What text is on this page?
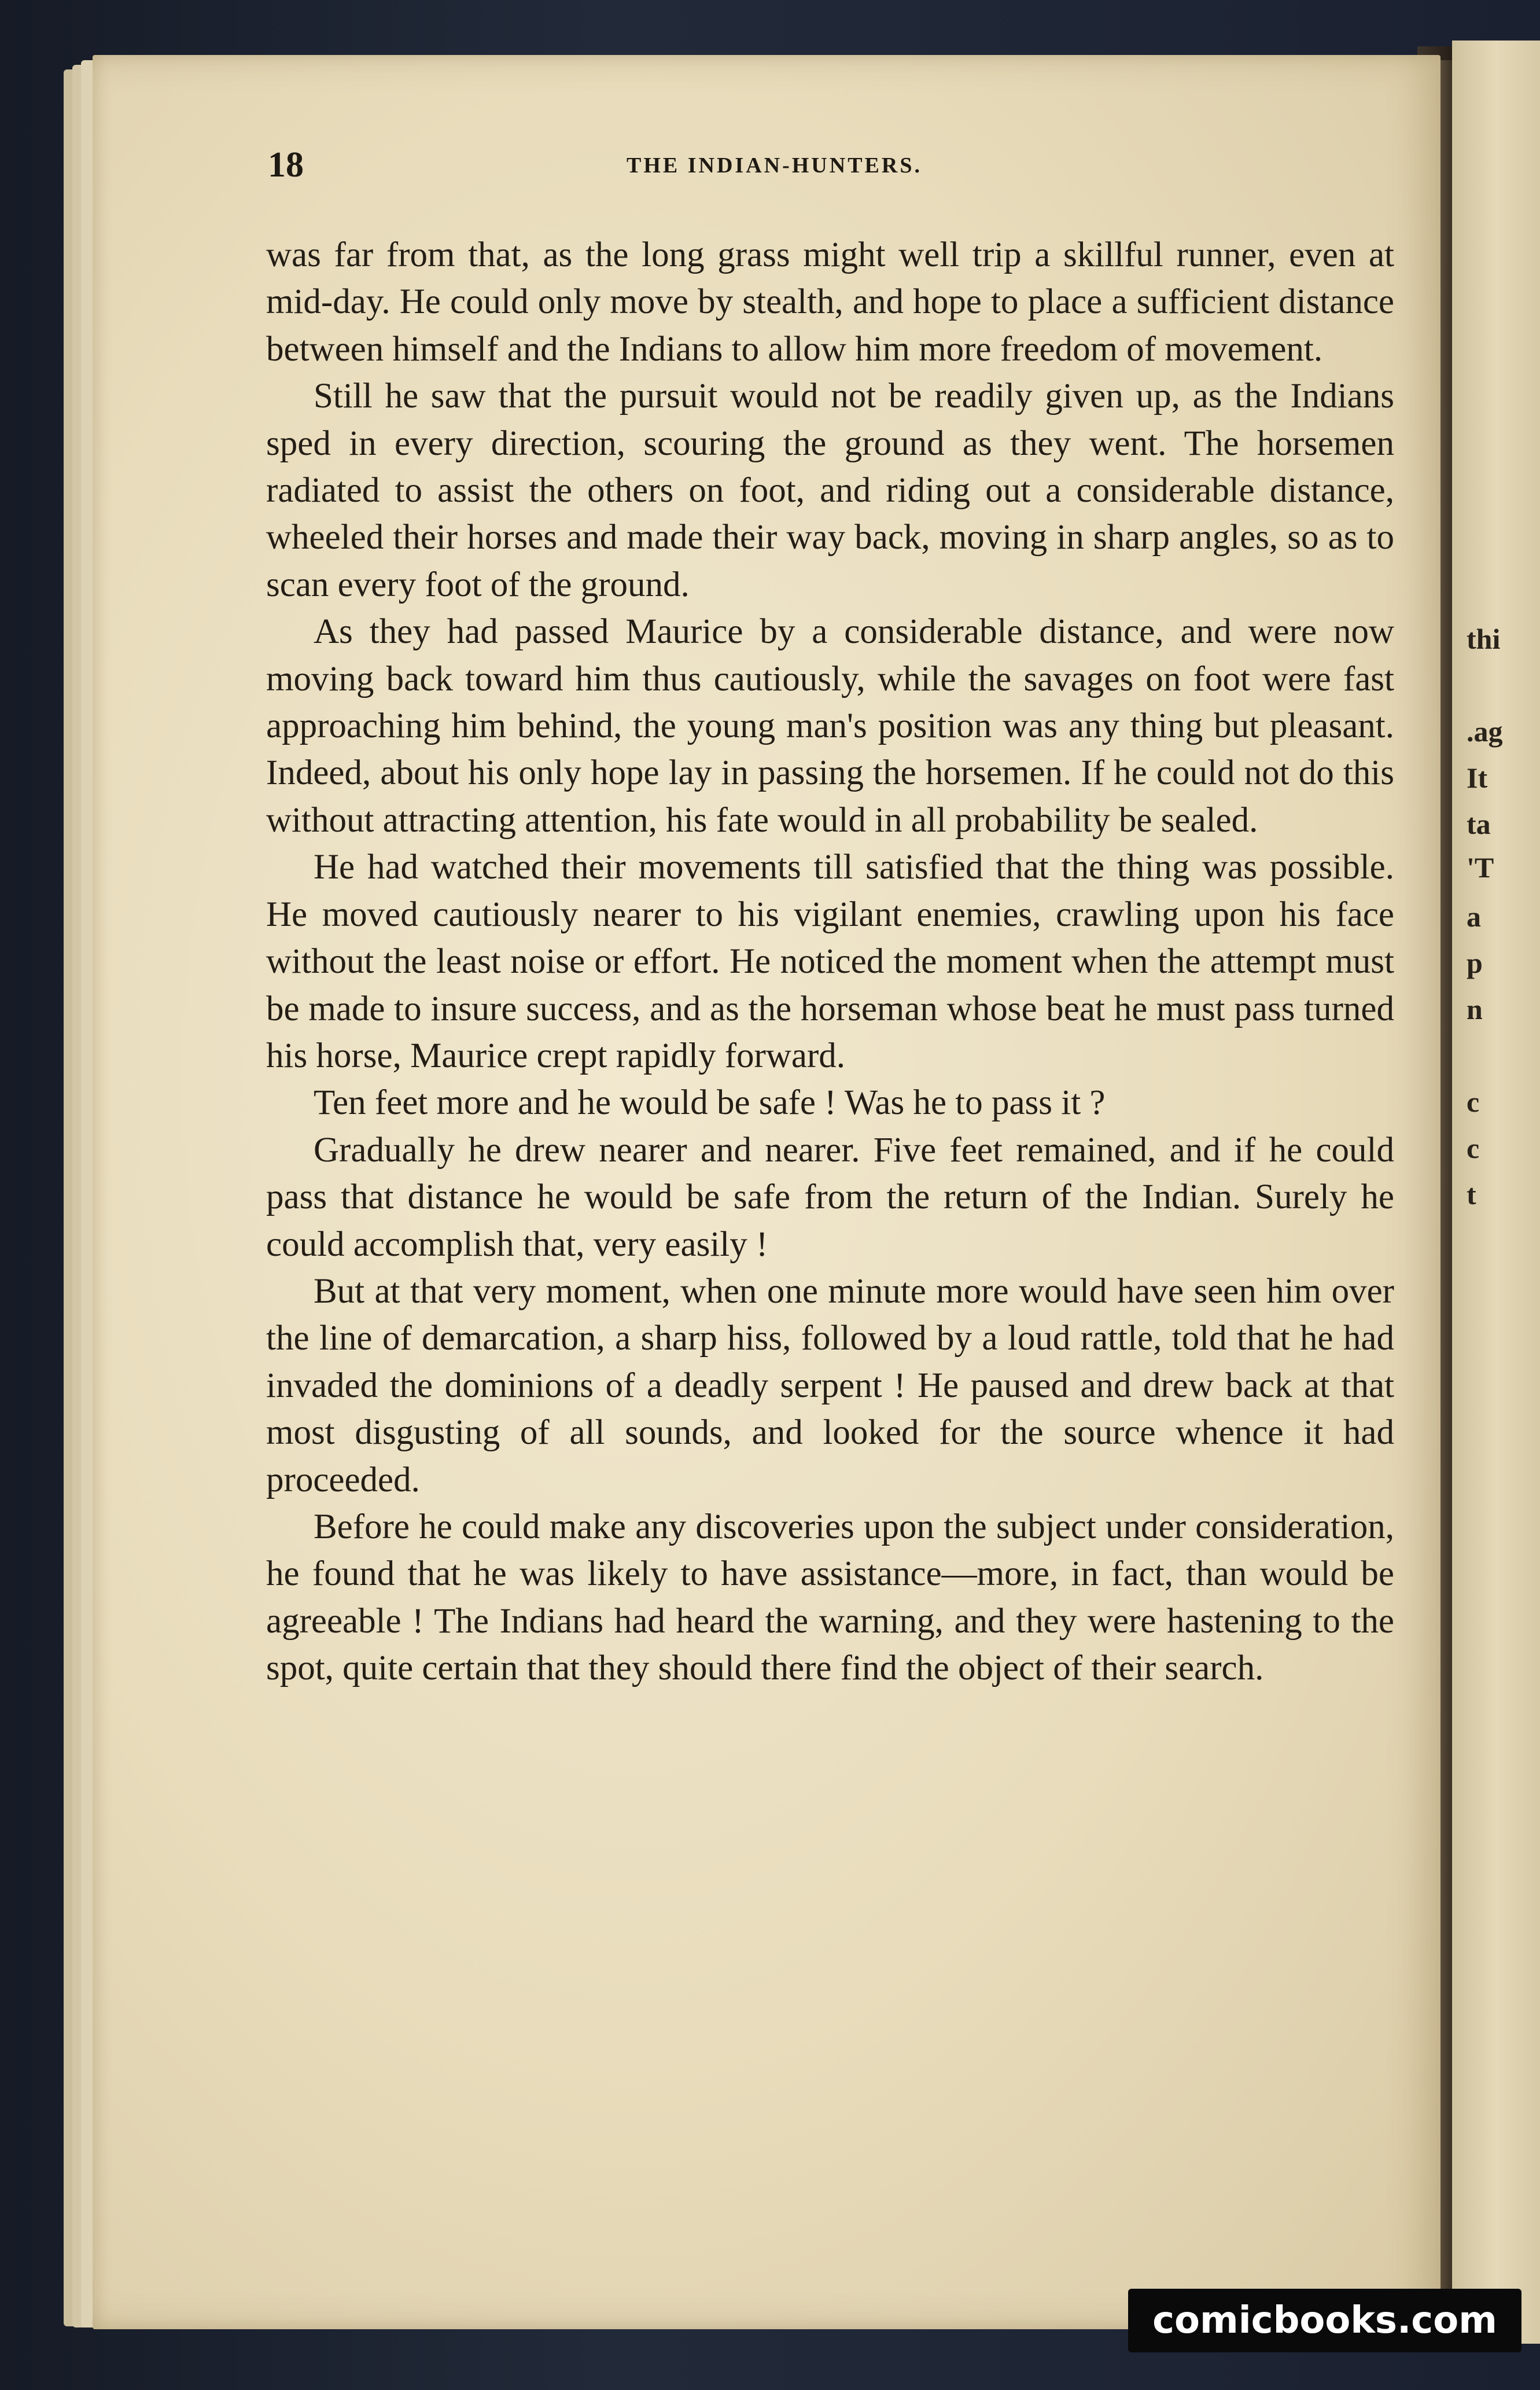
thi
.ag
It
ta
'T
a
p
n
c
c
t
18	THE INDIAN-HUNTERS.

was far from that, as the long grass might well trip a skillful runner, even at mid-day. He could only move by stealth, and hope to place a sufficient distance between himself and the Indians to allow him more freedom of movement.

Still he saw that the pursuit would not be readily given up, as the Indians sped in every direction, scouring the ground as they went. The horsemen radiated to assist the others on foot, and riding out a considerable distance, wheeled their horses and made their way back, moving in sharp angles, so as to scan every foot of the ground.

As they had passed Maurice by a considerable distance, and were now moving back toward him thus cautiously, while the savages on foot were fast approaching him behind, the young man's position was any thing but pleasant. Indeed, about his only hope lay in passing the horsemen. If he could not do this without attracting attention, his fate would in all probability be sealed.

He had watched their movements till satisfied that the thing was possible. He moved cautiously nearer to his vigilant enemies, crawling upon his face without the least noise or effort. He noticed the moment when the attempt must be made to insure success, and as the horseman whose beat he must pass turned his horse, Maurice crept rapidly forward.

Ten feet more and he would be safe ! Was he to pass it ?

Gradually he drew nearer and nearer. Five feet remained, and if he could pass that distance he would be safe from the return of the Indian. Surely he could accomplish that, very easily !

But at that very moment, when one minute more would have seen him over the line of demarcation, a sharp hiss, followed by a loud rattle, told that he had invaded the dominions of a deadly serpent ! He paused and drew back at that most disgusting of all sounds, and looked for the source whence it had proceeded.

Before he could make any discoveries upon the subject under consideration, he found that he was likely to have assistance—more, in fact, than would be agreeable ! The Indians had heard the warning, and they were hastening to the spot, quite certain that they should there find the object of their search.

comicbooks.com
